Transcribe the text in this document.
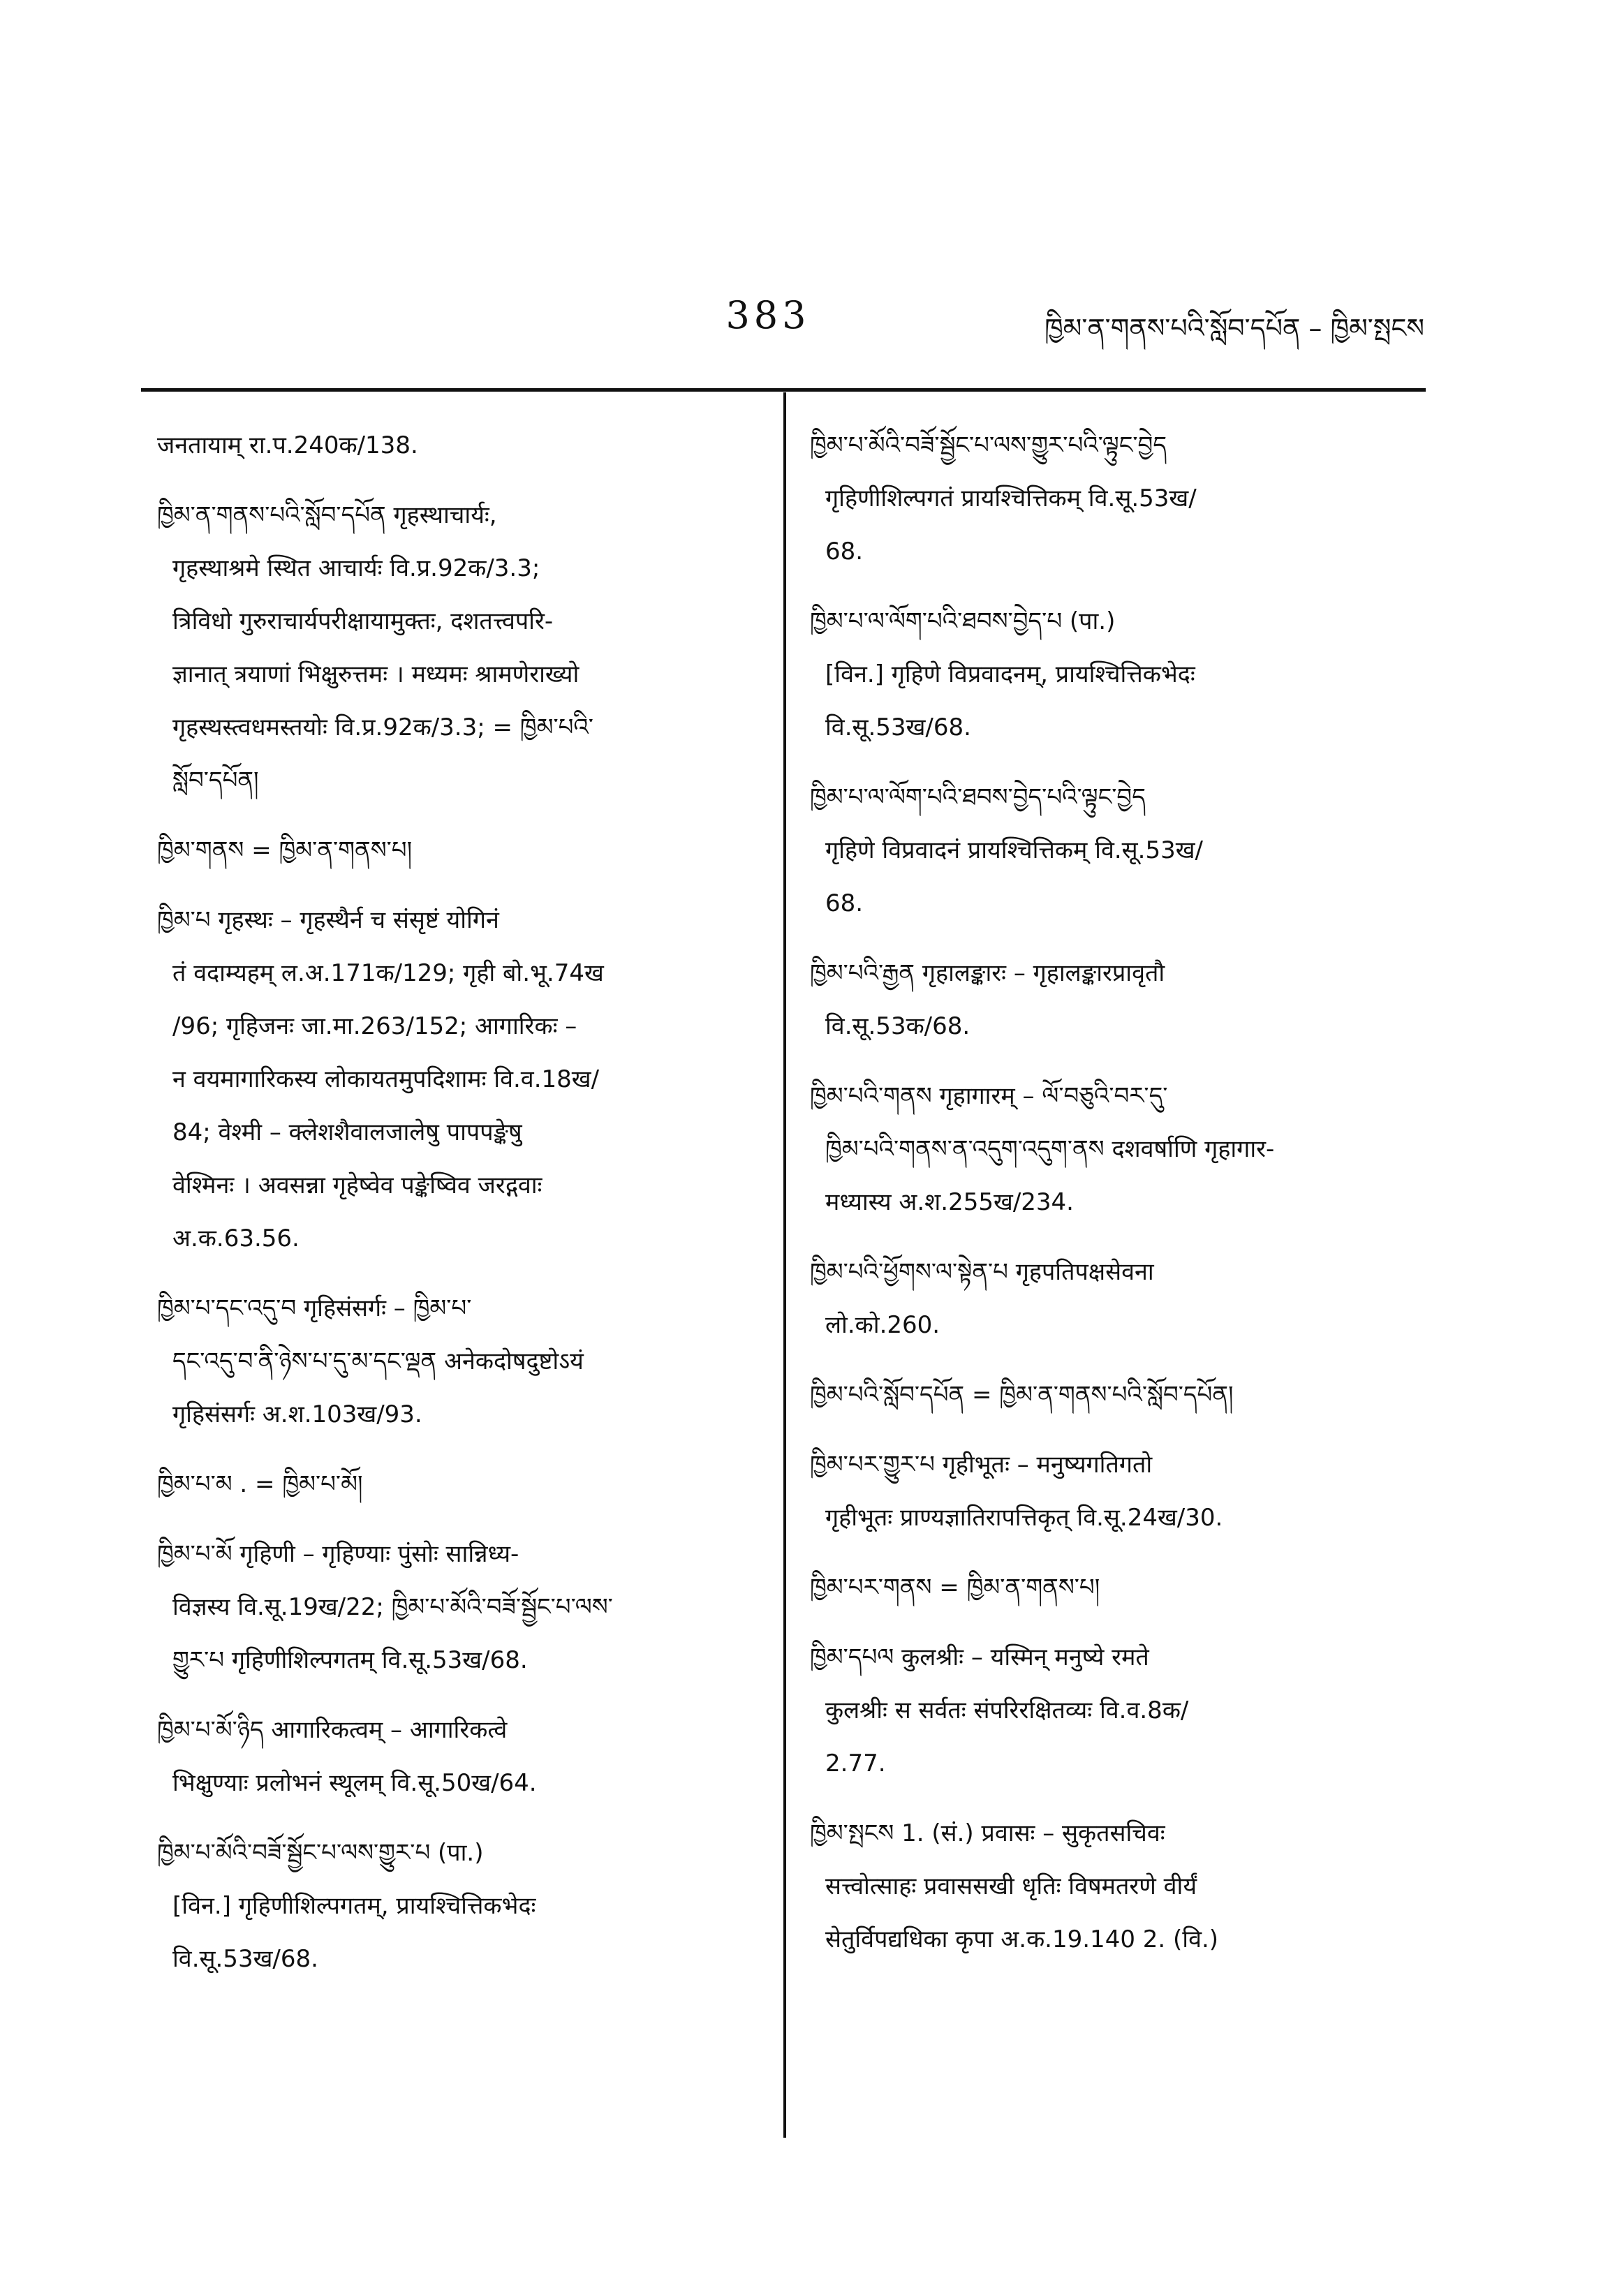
383	ཁྱིམ་ན་གནས་པའི་སློབ་དཔོན – ཁྱིམ་སྤངས
जनतायाम् रा.प.240क/138.
ཁྱིམ་ན་གནས་པའི་སློབ་དཔོན गृहस्थाचार्यः,
गृहस्थाश्रमे स्थित आचार्यः वि.प्र.92क/3.3;
त्रिविधो गुरुराचार्यपरीक्षायामुक्तः, दशतत्त्वपरि-
ज्ञानात् त्रयाणां भिक्षुरुत्तमः । मध्यमः श्रामणेराख्यो
गृहस्थस्त्वधमस्तयोः वि.प्र.92क/3.3; = ཁྱིམ་པའི་
སློབ་དཔོན།
ཁྱིམ་གནས = ཁྱིམ་ན་གནས་པ།
ཁྱིམ་པ गृहस्थः – गृहस्थैर्न च संसृष्टं योगिनं
तं वदाम्यहम् ल.अ.171क/129; गृही बो.भू.74ख
/96; गृहिजनः जा.मा.263/152; आगारिकः –
न वयमागारिकस्य लोकायतमुपदिशामः वि.व.18ख/
84; वेश्मी – क्लेशशैवालजालेषु पापपङ्केषु
वेश्मिनः । अवसन्ना गृहेष्वेव पङ्केष्विव जरद्गवाः
अ.क.63.56.
ཁྱིམ་པ་དང་འདུ་བ गृहिसंसर्गः – ཁྱིམ་པ་
དང་འདུ་བ་ནི་ཉེས་པ་དུ་མ་དང་ལྡན अनेकदोषदुष्टोऽयं
गृहिसंसर्गः अ.श.103ख/93.
ཁྱིམ་པ་མ . = ཁྱིམ་པ་མོ།
ཁྱིམ་པ་མོ गृहिणी – गृहिण्याः पुंसोः सान्निध्य-
विज्ञस्य वि.सू.19ख/22; ཁྱིམ་པ་མོའི་བཟོ་སྦྱོང་པ་ལས་
གྱུར་པ गृहिणीशिल्पगतम् वि.सू.53ख/68.
ཁྱིམ་པ་མོ་ཉིད आगारिकत्वम् – आगारिकत्वे
भिक्षुण्याः प्रलोभनं स्थूलम् वि.सू.50ख/64.
ཁྱིམ་པ་མོའི་བཟོ་སྦྱོང་པ་ལས་གྱུར་པ (पा.)
[विन.] गृहिणीशिल्पगतम्, प्रायश्चित्तिकभेदः
वि.सू.53ख/68.
ཁྱིམ་པ་མོའི་བཟོ་སྦྱོང་པ་ལས་གྱུར་པའི་ལྟུང་བྱེད
गृहिणीशिल्पगतं प्रायश्चित्तिकम् वि.सू.53ख/
68.
ཁྱིམ་པ་ལ་ལོག་པའི་ཐབས་བྱེད་པ (पा.)
[विन.] गृहिणे विप्रवादनम्, प्रायश्चित्तिकभेदः
वि.सू.53ख/68.
ཁྱིམ་པ་ལ་ལོག་པའི་ཐབས་བྱེད་པའི་ལྟུང་བྱེད
गृहिणे विप्रवादनं प्रायश्चित्तिकम् वि.सू.53ख/
68.
ཁྱིམ་པའི་རྒྱན गृहालङ्कारः – गृहालङ्कारप्रावृतौ
वि.सू.53क/68.
ཁྱིམ་པའི་གནས गृहागारम् – ལོ་བཅུའི་བར་དུ་
ཁྱིམ་པའི་གནས་ན་འདུག་འདུག་ནས दशवर्षाणि गृहागार-
मध्यास्य अ.श.255ख/234.
ཁྱིམ་པའི་ཕྱོགས་ལ་སྟེན་པ गृहपतिपक्षसेवना
लो.को.260.
ཁྱིམ་པའི་སློབ་དཔོན = ཁྱིམ་ན་གནས་པའི་སློབ་དཔོན།
ཁྱིམ་པར་གྱུར་པ गृहीभूतः – मनुष्यगतिगतो
गृहीभूतः प्राण्यज्ञातिरापत्तिकृत् वि.सू.24ख/30.
ཁྱིམ་པར་གནས = ཁྱིམ་ན་གནས་པ།
ཁྱིམ་དཔལ कुलश्रीः – यस्मिन् मनुष्ये रमते
कुलश्रीः स सर्वतः संपरिरक्षितव्यः वि.व.8क/
2.77.
ཁྱིམ་སྤངས 1. (सं.) प्रवासः – सुकृतसचिवः
सत्त्वोत्साहः प्रवाससखी धृतिः विषमतरणे वीर्यं
सेतुर्विपद्यधिका कृपा अ.क.19.140 2. (वि.)
